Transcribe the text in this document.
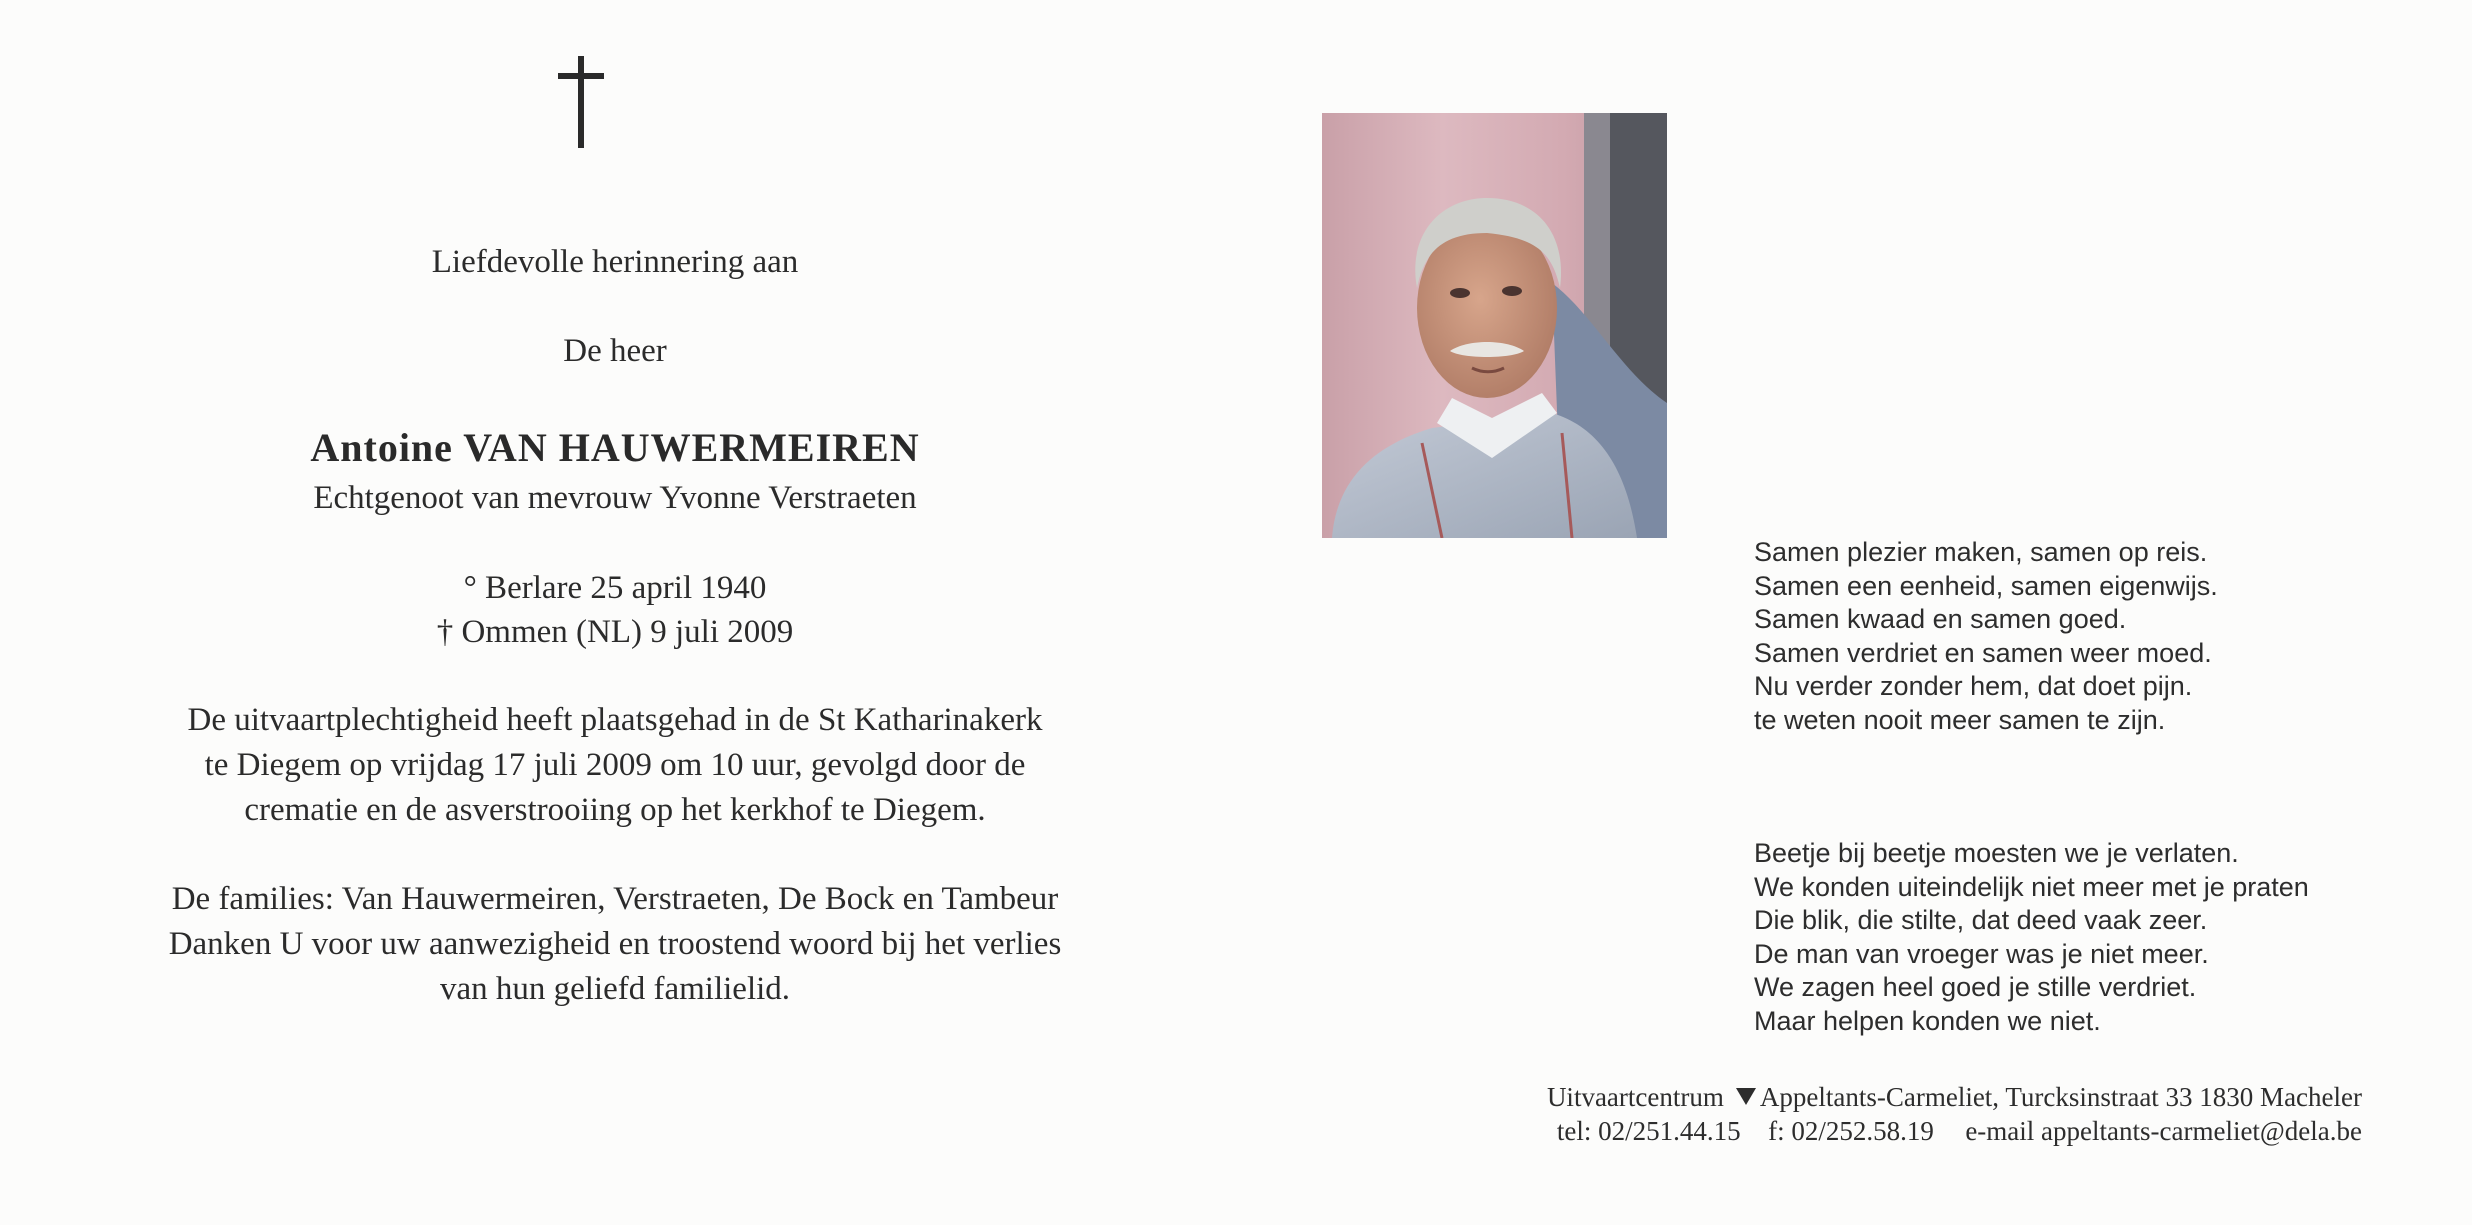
Liefdevolle herinnering aan
De heer
Antoine VAN HAUWERMEIREN
Echtgenoot van mevrouw Yvonne Verstraeten
° Berlare 25 april 1940
† Ommen (NL) 9 juli 2009
De uitvaartplechtigheid heeft plaatsgehad in de St Katharinakerk
te Diegem op vrijdag 17 juli 2009 om 10 uur, gevolgd door de
crematie en de asverstrooiing op het kerkhof te Diegem.
De families: Van Hauwermeiren, Verstraeten, De Bock en Tambeur
Danken U voor uw aanwezigheid en troostend woord bij het verlies
van hun geliefd familielid.
Samen plezier maken, samen op reis.
Samen een eenheid, samen eigenwijs.
Samen kwaad en samen goed.
Samen verdriet en samen weer moed.
Nu verder zonder hem, dat doet pijn.
te weten nooit meer samen te zijn.
Beetje bij beetje moesten we je verlaten.
We konden uiteindelijk niet meer met je praten
Die blik, die stilte, dat deed vaak zeer.
De man van vroeger was je niet meer.
We zagen heel goed je stille verdriet.
Maar helpen konden we niet.
Uitvaartcentrum Appeltants-Carmeliet, Turcksinstraat 33 1830 Macheler
tel: 02/251.44.15 f: 02/252.58.19 e-mail appeltants-carmeliet@dela.be
